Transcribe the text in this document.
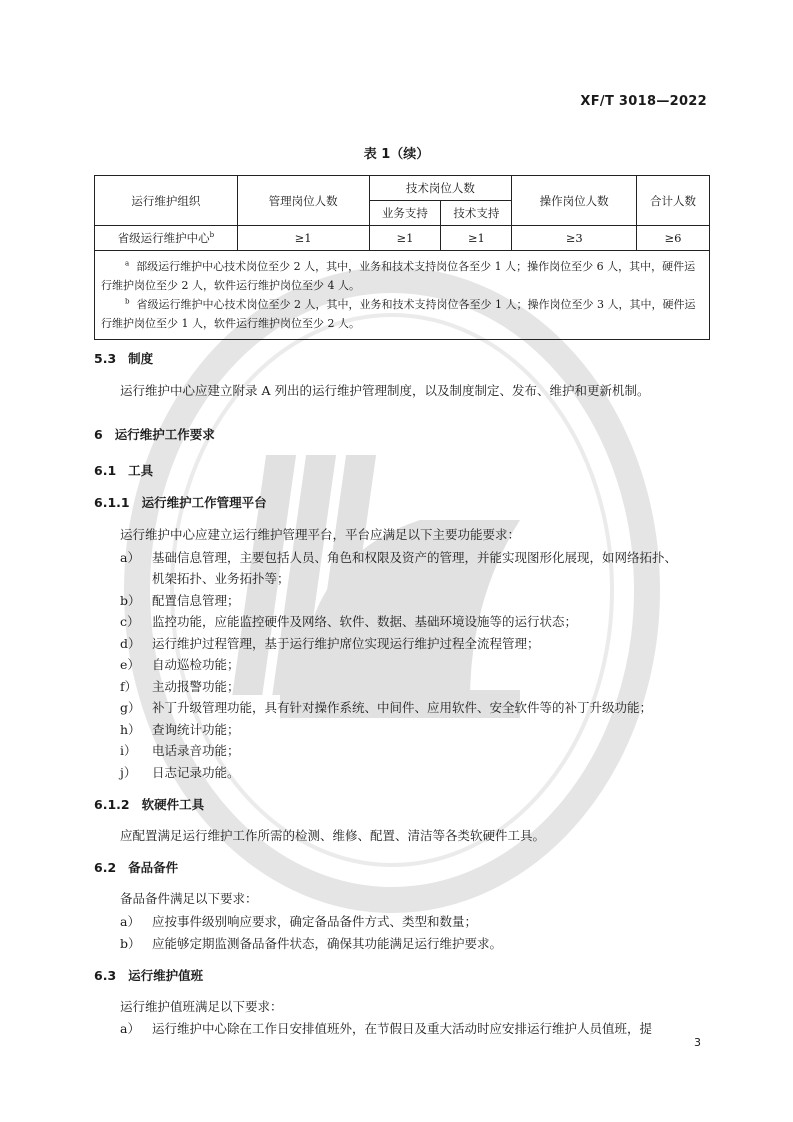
XF/T 3018—2022
表 1（续）
运行维护组织	管理岗位人数	技术岗位人数		操作岗位人数	合计人数
		业务支持	技术支持		
省级运行维护中心$^b$	≥1	≥1	≥1	≥3	≥6

$^a$ 部级运行维护中心技术岗位至少 2 人，其中，业务和技术支持岗位各至少 1 人；操作岗位至少 6 人，其中，硬件运行维护岗位至少 2 人，软件运行维护岗位至少 4 人。
$^b$ 省级运行维护中心技术岗位至少 2 人，其中，业务和技术支持岗位各至少 1 人；操作岗位至少 3 人，其中，硬件运行维护岗位至少 1 人，软件运行维护岗位至少 2 人。					
5.3 制度
运行维护中心应建立附录 A 列出的运行维护管理制度，以及制度制定、发布、维护和更新机制。
6 运行维护工作要求
6.1 工具
6.1.1 运行维护工作管理平台
运行维护中心应建立运行维护管理平台，平台应满足以下主要功能要求：
a） 基础信息管理，主要包括人员、角色和权限及资产的管理，并能实现图形化展现，如网络拓扑、
机架拓扑、业务拓扑等；
b） 配置信息管理；
c） 监控功能，应能监控硬件及网络、软件、数据、基础环境设施等的运行状态；
d） 运行维护过程管理，基于运行维护席位实现运行维护过程全流程管理；
e） 自动巡检功能；
f） 主动报警功能；
g） 补丁升级管理功能，具有针对操作系统、中间件、应用软件、安全软件等的补丁升级功能；
h） 查询统计功能；
i） 电话录音功能；
j） 日志记录功能。
6.1.2 软硬件工具
应配置满足运行维护工作所需的检测、维修、配置、清洁等各类软硬件工具。
6.2 备品备件
备品备件满足以下要求：
a） 应按事件级别响应要求，确定备品备件方式、类型和数量；
b） 应能够定期监测备品备件状态，确保其功能满足运行维护要求。
6.3 运行维护值班
运行维护值班满足以下要求：
a） 运行维护中心除在工作日安排值班外，在节假日及重大活动时应安排运行维护人员值班，提
3
